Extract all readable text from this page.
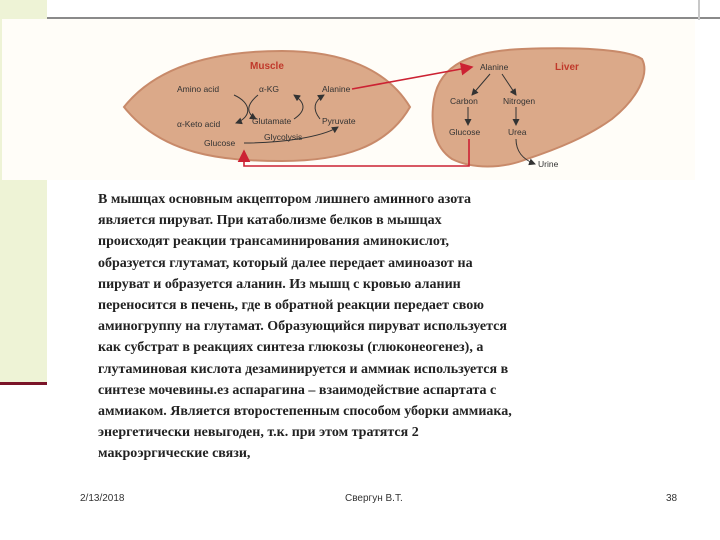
Muscle	Liver
Amino acid	α-KG	Alanine
α-Keto acid	Glutamate	Pyruvate
Glycolysis
Glucose
Alanine
Carbon	Nitrogen
Glucose	Urea
Urine
В мышцах основным акцептором лишнего аминного азота
является пируват. При катаболизме белков в мышцах
происходят реакции трансаминирования аминокислот,
образуется глутамат, который далее передает аминоазот на
пируват и образуется аланин. Из мышц с кровью аланин
переносится в печень, где в обратной реакции передает свою
аминогруппу на глутамат. Образующийся пируват используется
как субстрат в реакциях синтеза глюкозы (глюконеогенез), а
глутаминовая кислота дезаминируется и аммиак используется в
синтезе мочевины.ез аспарагина – взаимодействие аспартата с
аммиаком. Является второстепенным способом уборки аммиака,
энергетически невыгоден, т.к. при этом тратятся 2
макроэргические связи,
2/13/2018	Свергун В.Т.	38
